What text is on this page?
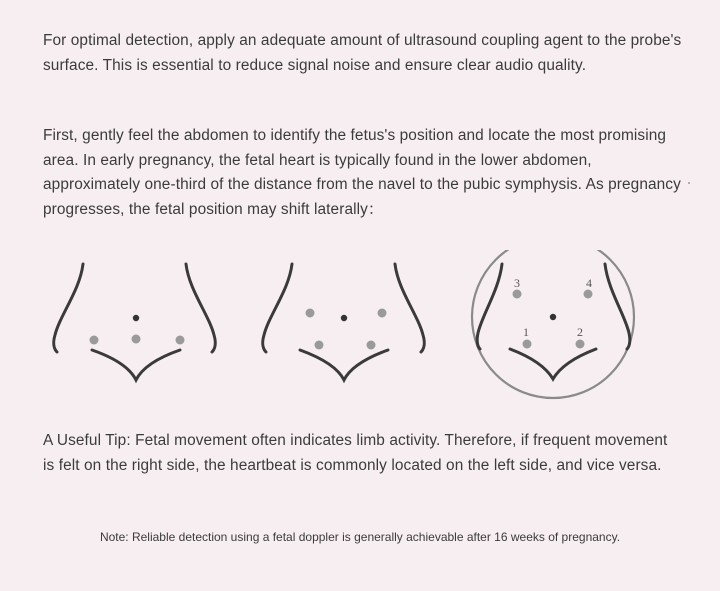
For optimal detection, apply an adequate amount of ultrasound coupling agent to the probe's surface. This is essential to reduce signal noise and ensure clear audio quality.

First, gently feel the abdomen to identify the fetus's position and locate the most promising area. In early pregnancy, the fetal heart is typically found in the lower abdomen, approximately one-third of the distance from the navel to the pubic symphysis. As pregnancy progresses, the fetal position may shift laterally：

3	4
1	2

A Useful Tip: Fetal movement often indicates limb activity. Therefore, if frequent movement is felt on the right side, the heartbeat is commonly located on the left side, and vice versa.

Note: Reliable detection using a fetal doppler is generally achievable after 16 weeks of pregnancy.
